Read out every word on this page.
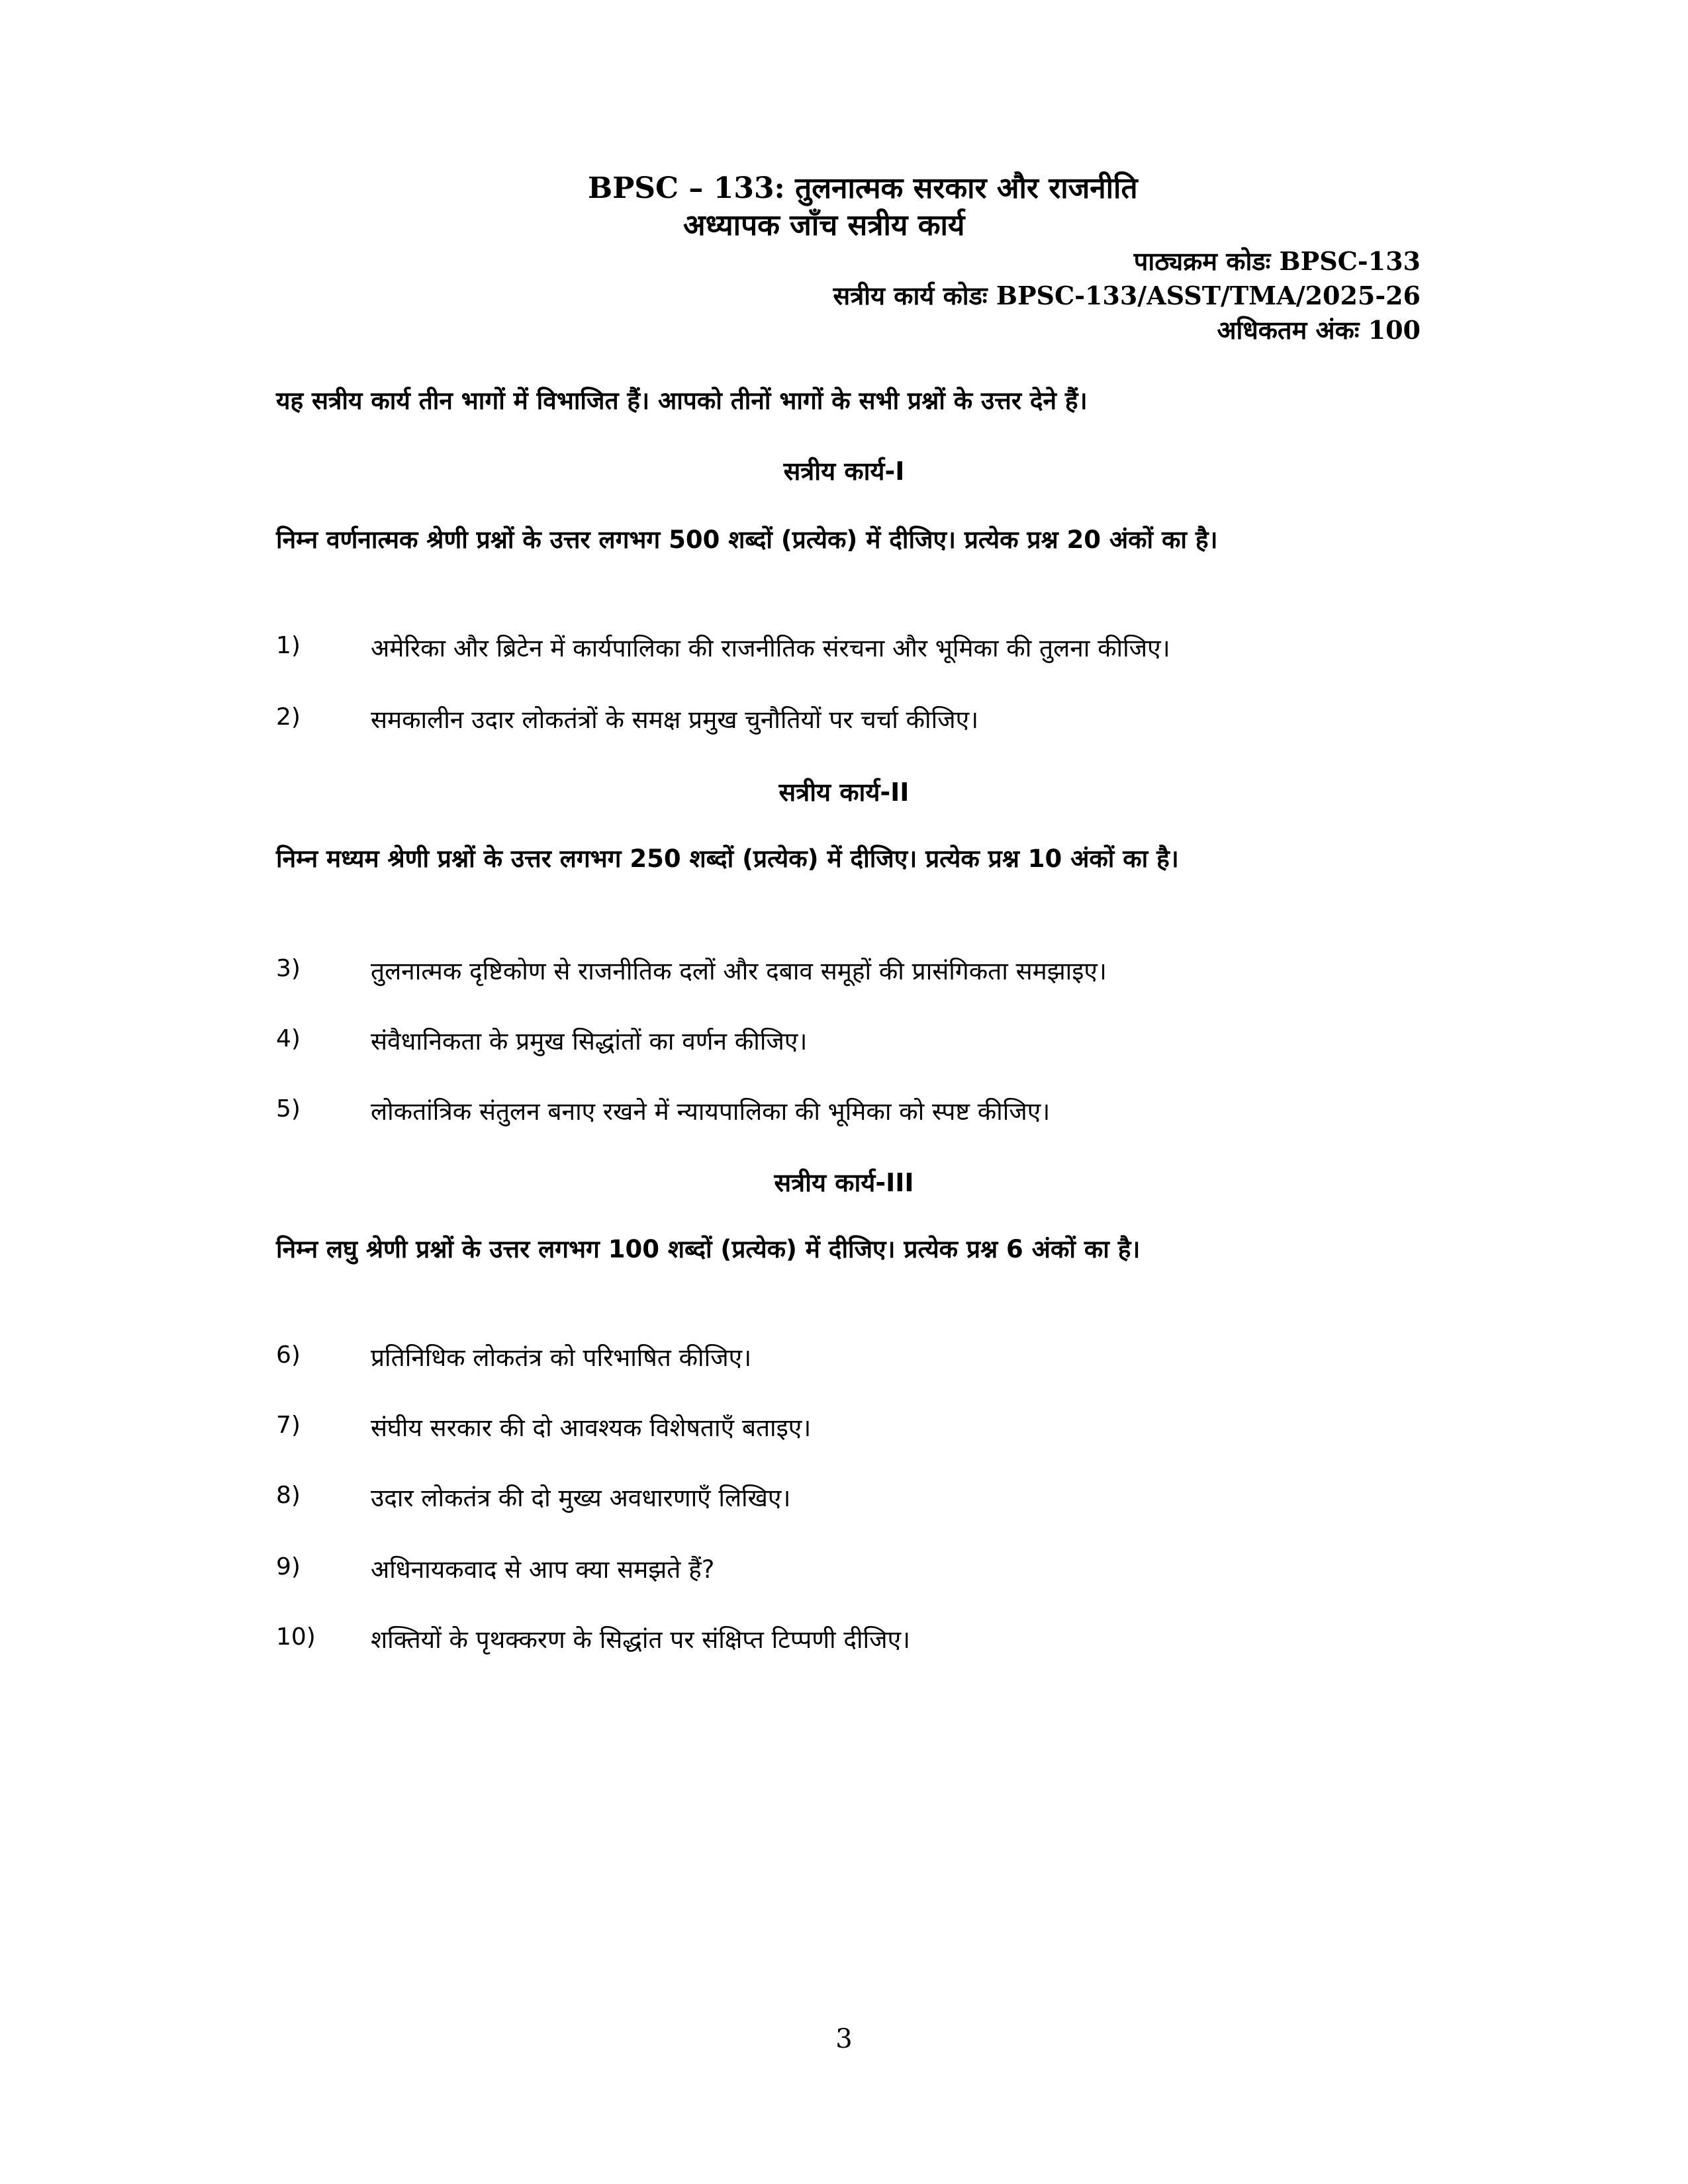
BPSC – 133: तुलनात्मक सरकार और राजनीति
अध्यापक जाँच सत्रीय कार्य
पाठ्यक्रम कोडः BPSC-133
सत्रीय कार्य कोडः BPSC-133/ASST/TMA/2025-26
अधिकतम अंकः 100
यह सत्रीय कार्य तीन भागों में विभाजित हैं। आपको तीनों भागों के सभी प्रश्नों के उत्तर देने हैं।
सत्रीय कार्य-I
निम्न वर्णनात्मक श्रेणी प्रश्नों के उत्तर लगभग 500 शब्दों (प्रत्येक) में दीजिए। प्रत्येक प्रश्न 20 अंकों का है।
1)	अमेरिका और ब्रिटेन में कार्यपालिका की राजनीतिक संरचना और भूमिका की तुलना कीजिए।
2)	समकालीन उदार लोकतंत्रों के समक्ष प्रमुख चुनौतियों पर चर्चा कीजिए।
सत्रीय कार्य-II
निम्न मध्यम श्रेणी प्रश्नों के उत्तर लगभग 250 शब्दों (प्रत्येक) में दीजिए। प्रत्येक प्रश्न 10 अंकों का है।
3)	तुलनात्मक दृष्टिकोण से राजनीतिक दलों और दबाव समूहों की प्रासंगिकता समझाइए।
4)	संवैधानिकता के प्रमुख सिद्धांतों का वर्णन कीजिए।
5)	लोकतांत्रिक संतुलन बनाए रखने में न्यायपालिका की भूमिका को स्पष्ट कीजिए।
सत्रीय कार्य-III
निम्न लघु श्रेणी प्रश्नों के उत्तर लगभग 100 शब्दों (प्रत्येक) में दीजिए। प्रत्येक प्रश्न 6 अंकों का है।
6)	प्रतिनिधिक लोकतंत्र को परिभाषित कीजिए।
7)	संघीय सरकार की दो आवश्यक विशेषताएँ बताइए।
8)	उदार लोकतंत्र की दो मुख्य अवधारणाएँ लिखिए।
9)	अधिनायकवाद से आप क्या समझते हैं?
10) शक्तियों के पृथक्करण के सिद्धांत पर संक्षिप्त टिप्पणी दीजिए।
3
